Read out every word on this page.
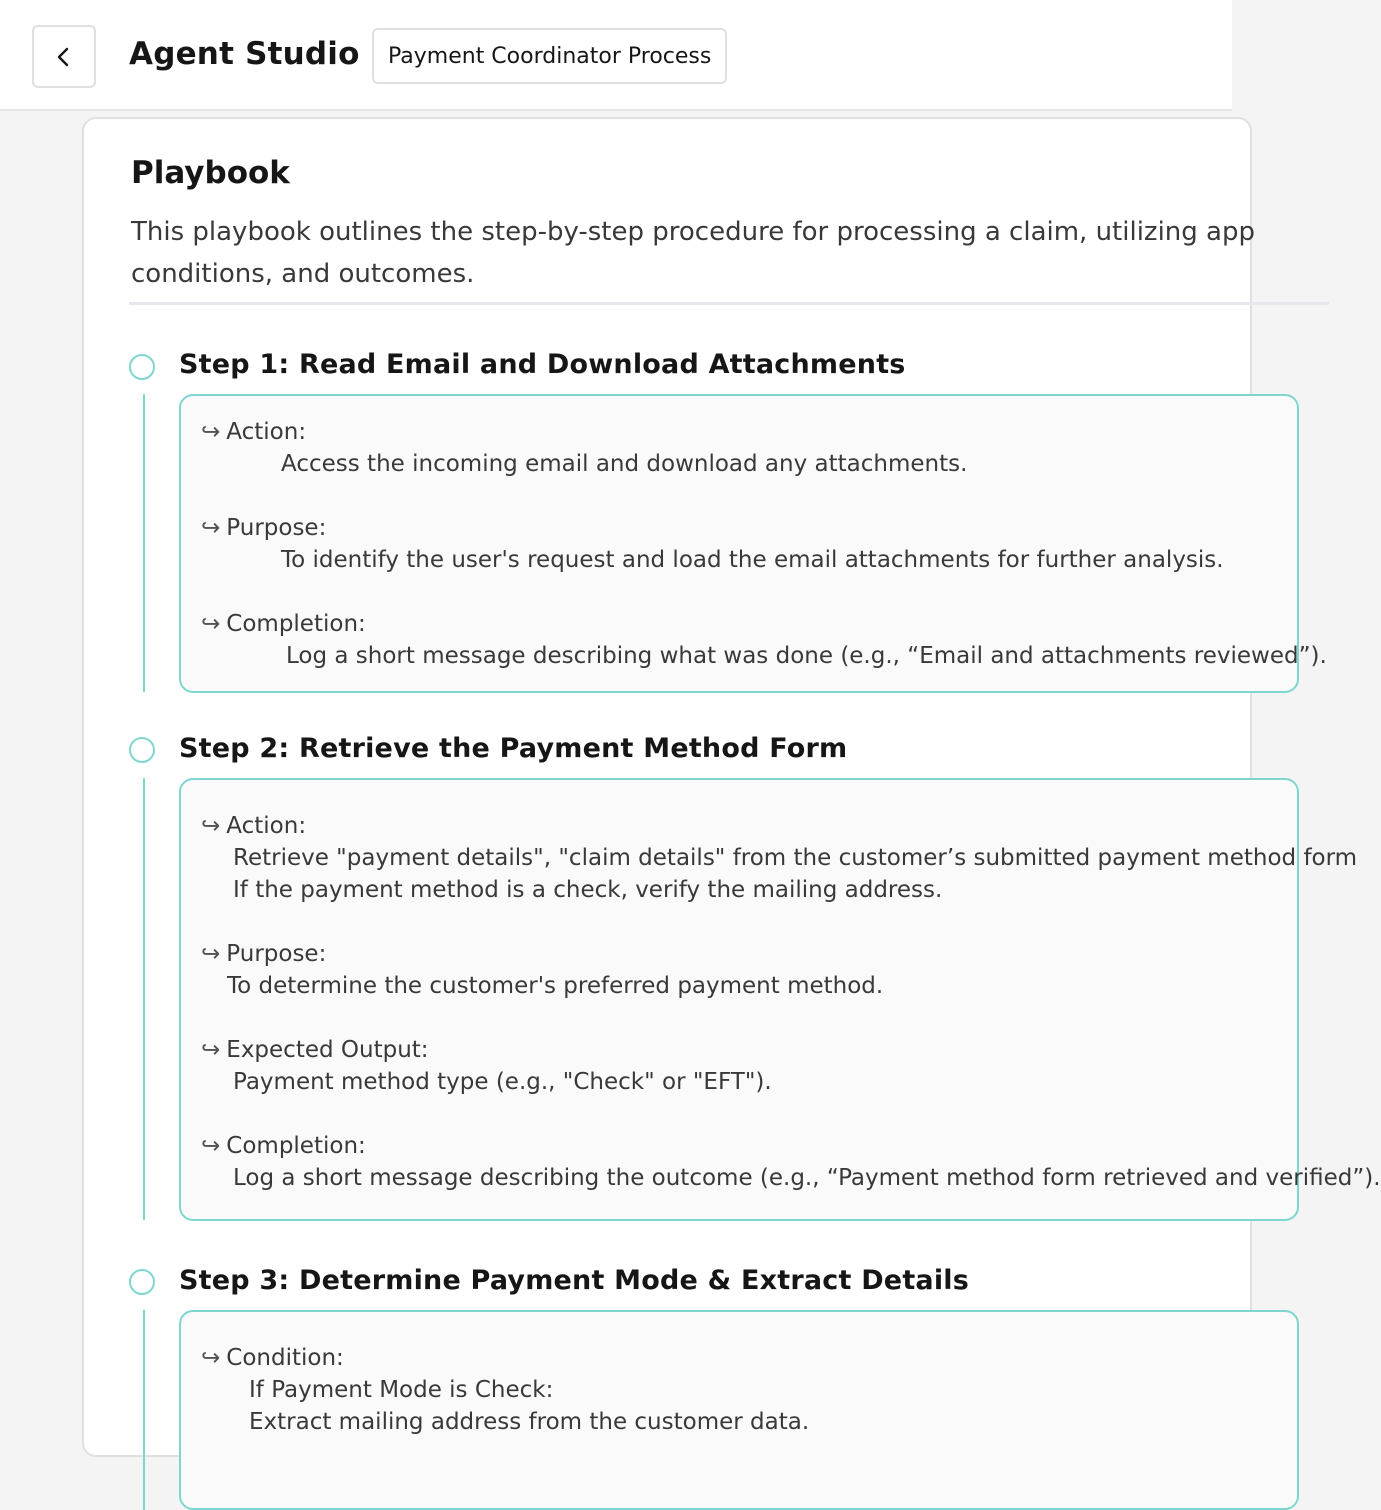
Agent Studio	Payment Coordinator Process
Playbook
This playbook outlines the step-by-step procedure for processing a claim, utilizing app
conditions, and outcomes.
Step 1: Read Email and Download Attachments
↪ Action:
Access the incoming email and download any attachments.
↪ Purpose:
To identify the user's request and load the email attachments for further analysis.
↪ Completion:
Log a short message describing what was done (e.g., “Email and attachments reviewed”).
Step 2: Retrieve the Payment Method Form
↪ Action:
Retrieve "payment details", "claim details" from the customer’s submitted payment method form
If the payment method is a check, verify the mailing address.
↪ Purpose:
To determine the customer's preferred payment method.
↪ Expected Output:
Payment method type (e.g., "Check" or "EFT").
↪ Completion:
Log a short message describing the outcome (e.g., “Payment method form retrieved and verified”).
Step 3: Determine Payment Mode & Extract Details
↪ Condition:
If Payment Mode is Check:
Extract mailing address from the customer data.
